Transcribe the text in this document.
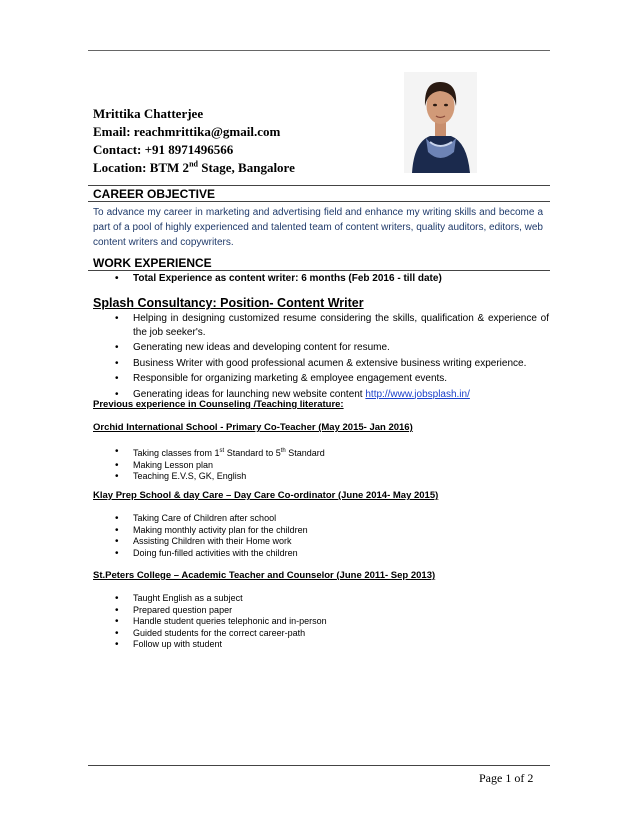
Mrittika Chatterjee
Email: reachmrittika@gmail.com
Contact: +91 8971496566
Location: BTM 2nd Stage, Bangalore
CAREER OBJECTIVE
To advance my career in marketing and advertising field and enhance my writing skills and become a part of a pool of highly experienced and talented team of content writers, quality auditors, editors, web content writers and copywriters.
WORK EXPERIENCE
• Total Experience as content writer: 6 months (Feb 2016 - till date)
Splash Consultancy: Position- Content Writer
• Helping in designing customized resume considering the skills, qualification & experience of the job seeker's.
• Generating new ideas and developing content for resume.
• Business Writer with good professional acumen & extensive business writing experience.
• Responsible for organizing marketing & employee engagement events.
• Generating ideas for launching new website content http://www.jobsplash.in/
Previous experience in Counseling /Teaching literature:
Orchid International School - Primary Co-Teacher (May 2015- Jan 2016)
• Taking classes from 1st Standard to 5th Standard
• Making Lesson plan
• Teaching E.V.S, GK, English
Klay Prep School & day Care – Day Care Co-ordinator (June 2014- May 2015)
• Taking Care of Children after school
• Making monthly activity plan for the children
• Assisting Children with their Home work
• Doing fun-filled activities with the children
St.Peters College – Academic Teacher and Counselor (June 2011- Sep 2013)
• Taught English as a subject
• Prepared question paper
• Handle student queries telephonic and in-person
• Guided students for the correct career-path
• Follow up with student
Page 1 of 2
